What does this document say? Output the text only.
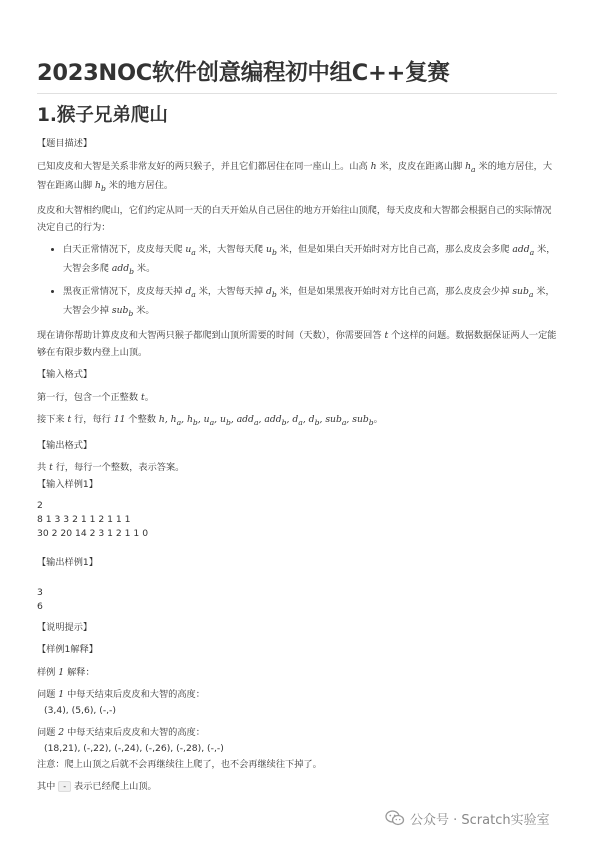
2023NOC软件创意编程初中组C++复赛
1.猴子兄弟爬山

【题目描述】

已知皮皮和大智是关系非常友好的两只猴子，并且它们都居住在同一座山上。山高 h 米，皮皮在距离山脚 $h_a$ 米的地方居住，大智在距离山脚 $h_b$ 米的地方居住。

皮皮和大智相约爬山，它们约定从同一天的白天开始从自己居住的地方开始往山顶爬，每天皮皮和大智都会根据自己的实际情况决定自己的行为：

• 白天正常情况下，皮皮每天爬 $u_a$ 米，大智每天爬 $u_b$ 米，但是如果白天开始时对方比自己高，那么皮皮会多爬 add$_a$ 米，大智会多爬 add$_b$ 米。
• 黑夜正常情况下，皮皮每天掉 $d_a$ 米，大智每天掉 $d_b$ 米，但是如果黑夜开始时对方比自己高，那么皮皮会少掉 sub$_a$ 米，大智会少掉 sub$_b$ 米。

现在请你帮助计算皮皮和大智两只猴子都爬到山顶所需要的时间（天数），你需要回答 t 个这样的问题。数据数据保证两人一定能够在有限步数内登上山顶。

【输入格式】

第一行，包含一个正整数 t。

接下来 t 行，每行 11 个整数 h, $h_a$, $h_b$, $u_a$, $u_b$, add$_a$, add$_b$, $d_a$, $d_b$, sub$_a$, sub$_b$。

【输出格式】

共 t 行，每行一个整数，表示答案。

【输入样例1】

2
8 1 3 3 2 1 1 2 1 1 1
30 2 20 14 2 3 1 2 1 1 0

【输出样例1】

3
6

【说明提示】

【样例1解释】

样例 1 解释：

问题 1 中每天结束后皮皮和大智的高度：
(3,4), (5,6), (-,-)
问题 2 中每天结束后皮皮和大智的高度：
(18,21), (-,22), (-,24), (-,26), (-,28), (-,-)
注意：爬上山顶之后就不会再继续往上爬了，也不会再继续往下掉了。

其中 - 表示已经爬上山顶。

公众号 · Scratch实验室
